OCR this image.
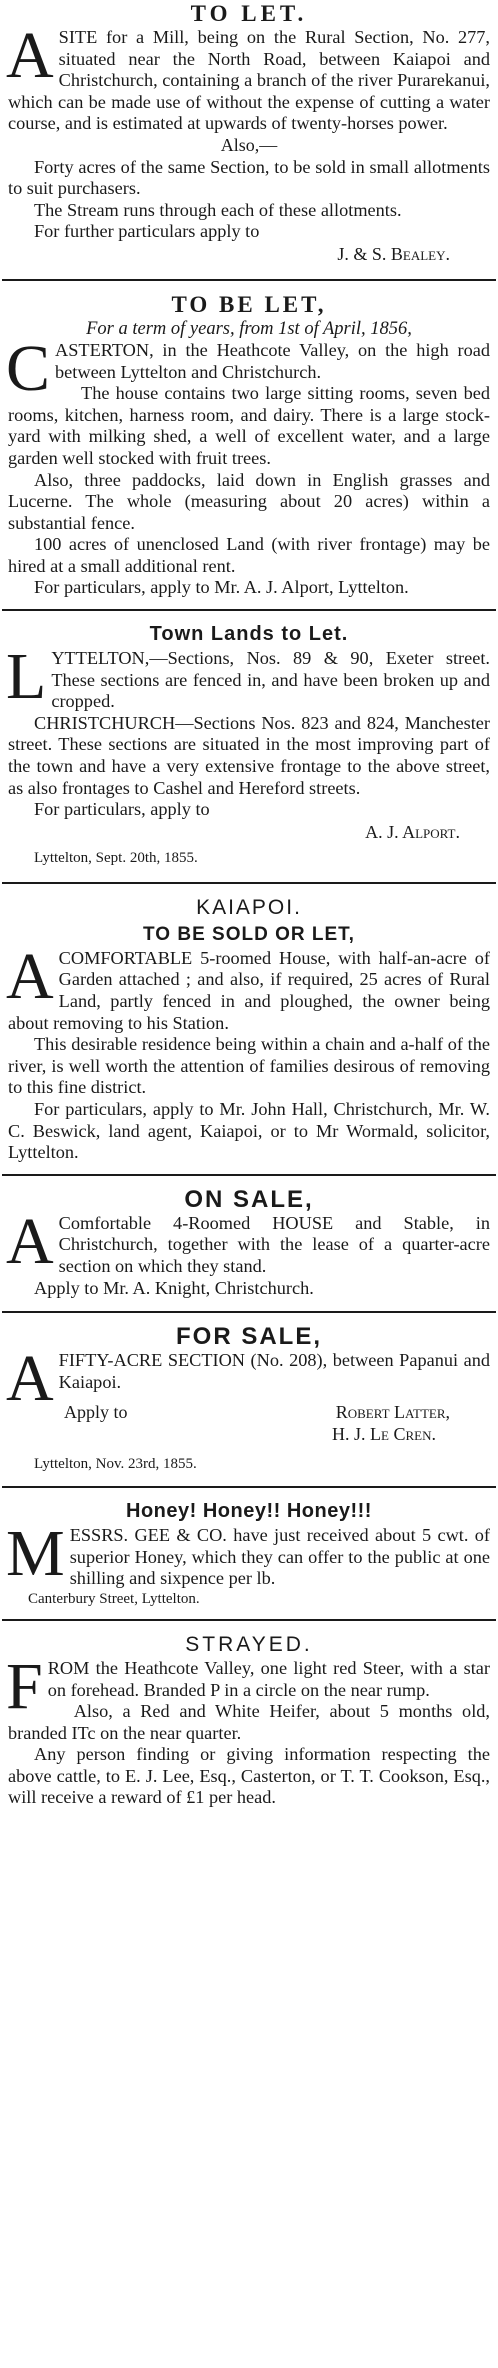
TO LET.

ASITE for a Mill, being on the Rural Section, No. 277, situated near the North Road, between Kaiapoi and Christchurch, containing a branch of the river Purarekanui, which can be made use of without the expense of cutting a water course, and is estimated at upwards of twenty-horses power.

Also,—

Forty acres of the same Section, to be sold in small allotments to suit purchasers.

The Stream runs through each of these allotments.

For further particulars apply to

J. & S. Bealey.
TO BE LET,
For a term of years, from 1st of April, 1856,

CASTERTON, in the Heathcote Valley, on the high road between Lyttelton and Christchurch.

The house contains two large sitting rooms, seven bed rooms, kitchen, harness room, and dairy. There is a large stock-yard with milking shed, a well of excellent water, and a large garden well stocked with fruit trees.

Also, three paddocks, laid down in English grasses and Lucerne. The whole (measuring about 20 acres) within a substantial fence.

100 acres of unenclosed Land (with river frontage) may be hired at a small additional rent.

For particulars, apply to Mr. A. J. Alport, Lyttelton.

Town Lands to Let.

LYTTELTON,—Sections, Nos. 89 & 90, Exeter street. These sections are fenced in, and have been broken up and cropped.

CHRISTCHURCH—Sections Nos. 823 and 824, Manchester street. These sections are situated in the most improving part of the town and have a very extensive frontage to the above street, as also frontages to Cashel and Hereford streets.

For particulars, apply to

A. J. Alport.
Lyttelton, Sept. 20th, 1855.
KAIAPOI.
TO BE SOLD OR LET,

ACOMFORTABLE 5-roomed House, with half-an-acre of Garden attached ; and also, if required, 25 acres of Rural Land, partly fenced in and ploughed, the owner being about removing to his Station.

This desirable residence being within a chain and a-half of the river, is well worth the attention of families desirous of removing to this fine district.

For particulars, apply to Mr. John Hall, Christchurch, Mr. W. C. Beswick, land agent, Kaiapoi, or to Mr Wormald, solicitor, Lyttelton.

ON SALE,

A Comfortable 4-Roomed HOUSE and Stable, in Christchurch, together with the lease of a quarter-acre section on which they stand.

Apply to Mr. A. Knight, Christchurch.

FOR SALE,

AFIFTY-ACRE SECTION (No. 208), between Papanui and Kaiapoi.

Apply to	Robert Latter,
H. J. Le Cren.
Lyttelton, Nov. 23rd, 1855.
Honey! Honey!! Honey!!!

MESSRS. GEE & CO. have just received about 5 cwt. of superior Honey, which they can offer to the public at one shilling and sixpence per lb.

Canterbury Street, Lyttelton.
STRAYED.

FROM the Heathcote Valley, one light red Steer, with a star on forehead. Branded P in a circle on the near rump.

Also, a Red and White Heifer, about 5 months old, branded ITc on the near quarter.

Any person finding or giving information respecting the above cattle, to E. J. Lee, Esq., Casterton, or T. T. Cookson, Esq., will receive a reward of £1 per head.
